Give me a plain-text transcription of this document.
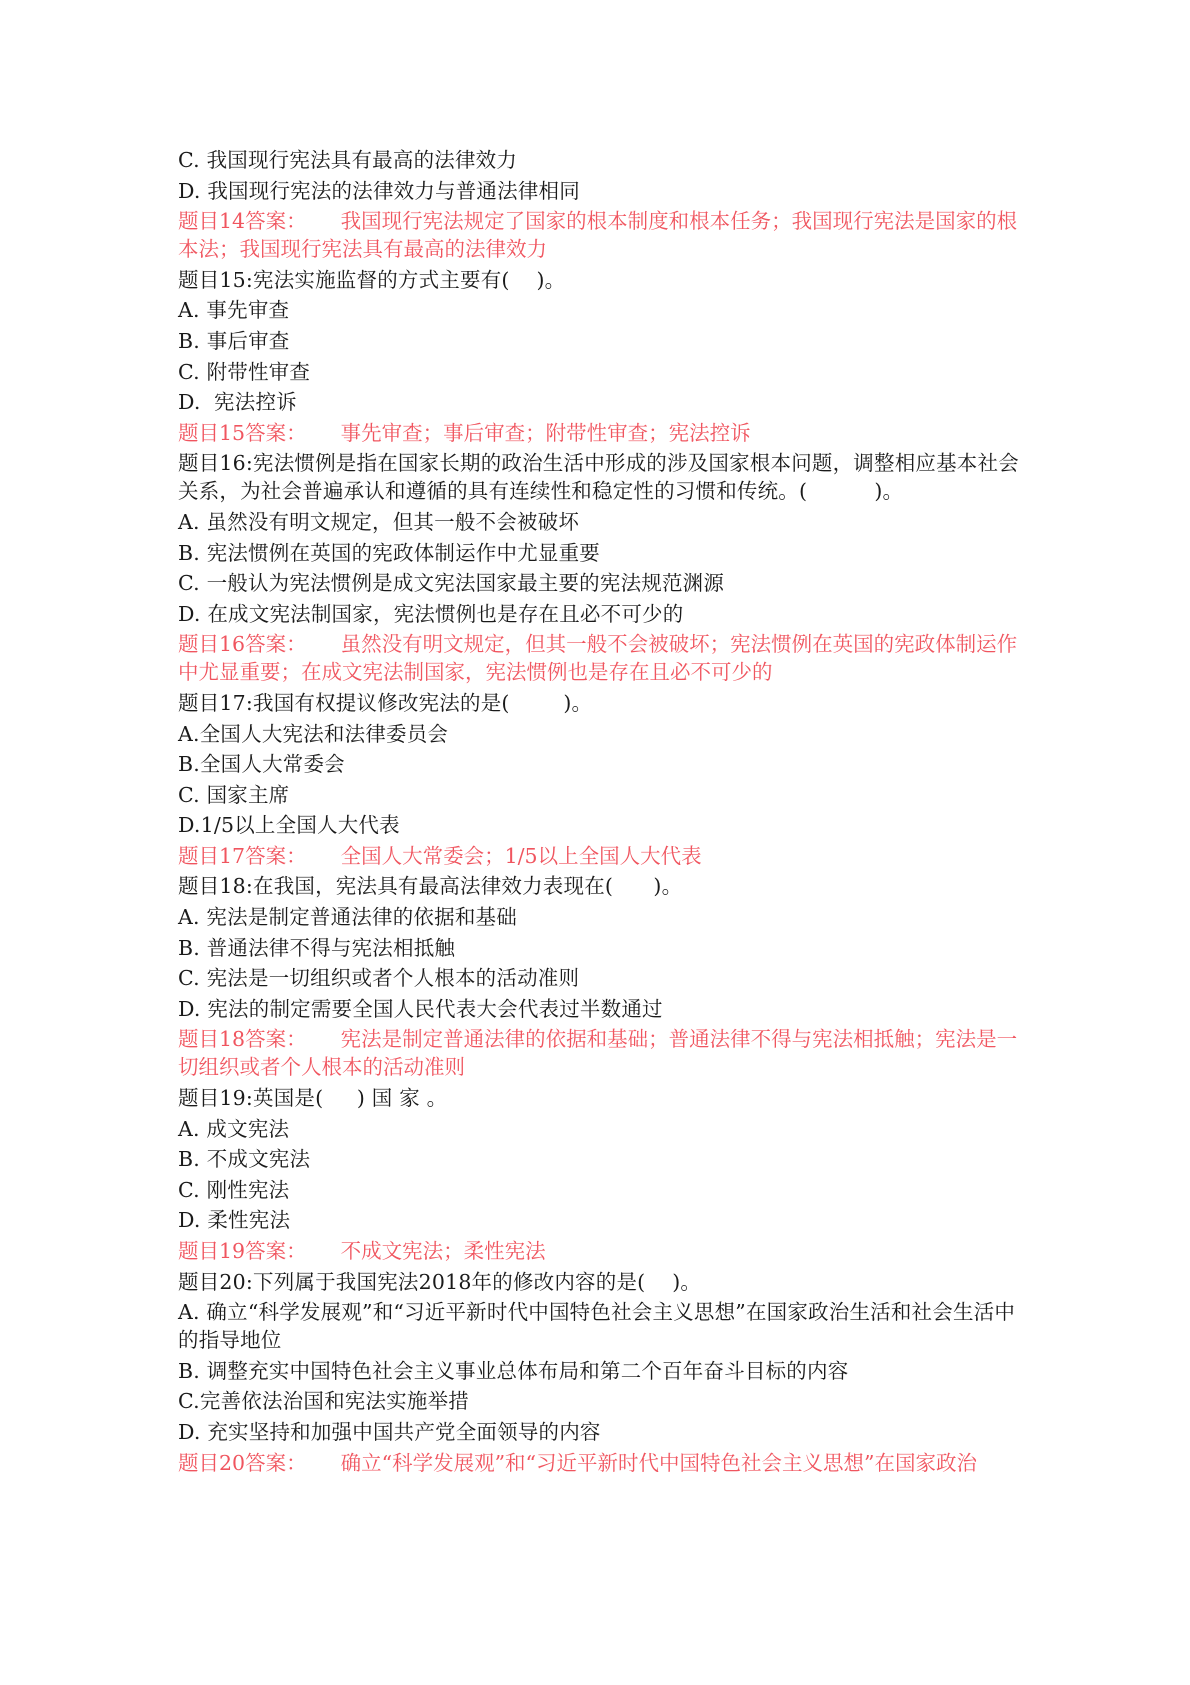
C. 我国现行宪法具有最高的法律效力
D. 我国现行宪法的法律效力与普通法律相同
题目14答案： 我国现行宪法规定了国家的根本制度和根本任务；我国现行宪法是国家的根本法；我国现行宪法具有最高的法律效力
题目15:宪法实施监督的方式主要有(    )。
A. 事先审查
B. 事后审查
C. 附带性审查
D.  宪法控诉
题目15答案： 事先审查；事后审查；附带性审查；宪法控诉
题目16:宪法惯例是指在国家长期的政治生活中形成的涉及国家根本问题，调整相应基本社会关系，为社会普遍承认和遵循的具有连续性和稳定性的习惯和传统。(          )。
A. 虽然没有明文规定，但其一般不会被破坏
B. 宪法惯例在英国的宪政体制运作中尤显重要
C. 一般认为宪法惯例是成文宪法国家最主要的宪法规范渊源
D. 在成文宪法制国家，宪法惯例也是存在且必不可少的
题目16答案： 虽然没有明文规定，但其一般不会被破坏；宪法惯例在英国的宪政体制运作中尤显重要；在成文宪法制国家，宪法惯例也是存在且必不可少的
题目17:我国有权提议修改宪法的是(        )。
A.全国人大宪法和法律委员会
B.全国人大常委会
C. 国家主席
D.1/5以上全国人大代表
题目17答案： 全国人大常委会；1/5以上全国人大代表
题目18:在我国，宪法具有最高法律效力表现在(      )。
A. 宪法是制定普通法律的依据和基础
B. 普通法律不得与宪法相抵触
C. 宪法是一切组织或者个人根本的活动准则
D. 宪法的制定需要全国人民代表大会代表过半数通过
题目18答案： 宪法是制定普通法律的依据和基础；普通法律不得与宪法相抵触；宪法是一切组织或者个人根本的活动准则
题目19:英国是(     ) 国 家 。
A. 成文宪法
B. 不成文宪法
C. 刚性宪法
D. 柔性宪法
题目19答案： 不成文宪法；柔性宪法
题目20:下列属于我国宪法2018年的修改内容的是(    )。
A. 确立“科学发展观”和“习近平新时代中国特色社会主义思想”在国家政治生活和社会生活中的指导地位
B. 调整充实中国特色社会主义事业总体布局和第二个百年奋斗目标的内容
C.完善依法治国和宪法实施举措
D. 充实坚持和加强中国共产党全面领导的内容
题目20答案： 确立“科学发展观”和“习近平新时代中国特色社会主义思想”在国家政治
